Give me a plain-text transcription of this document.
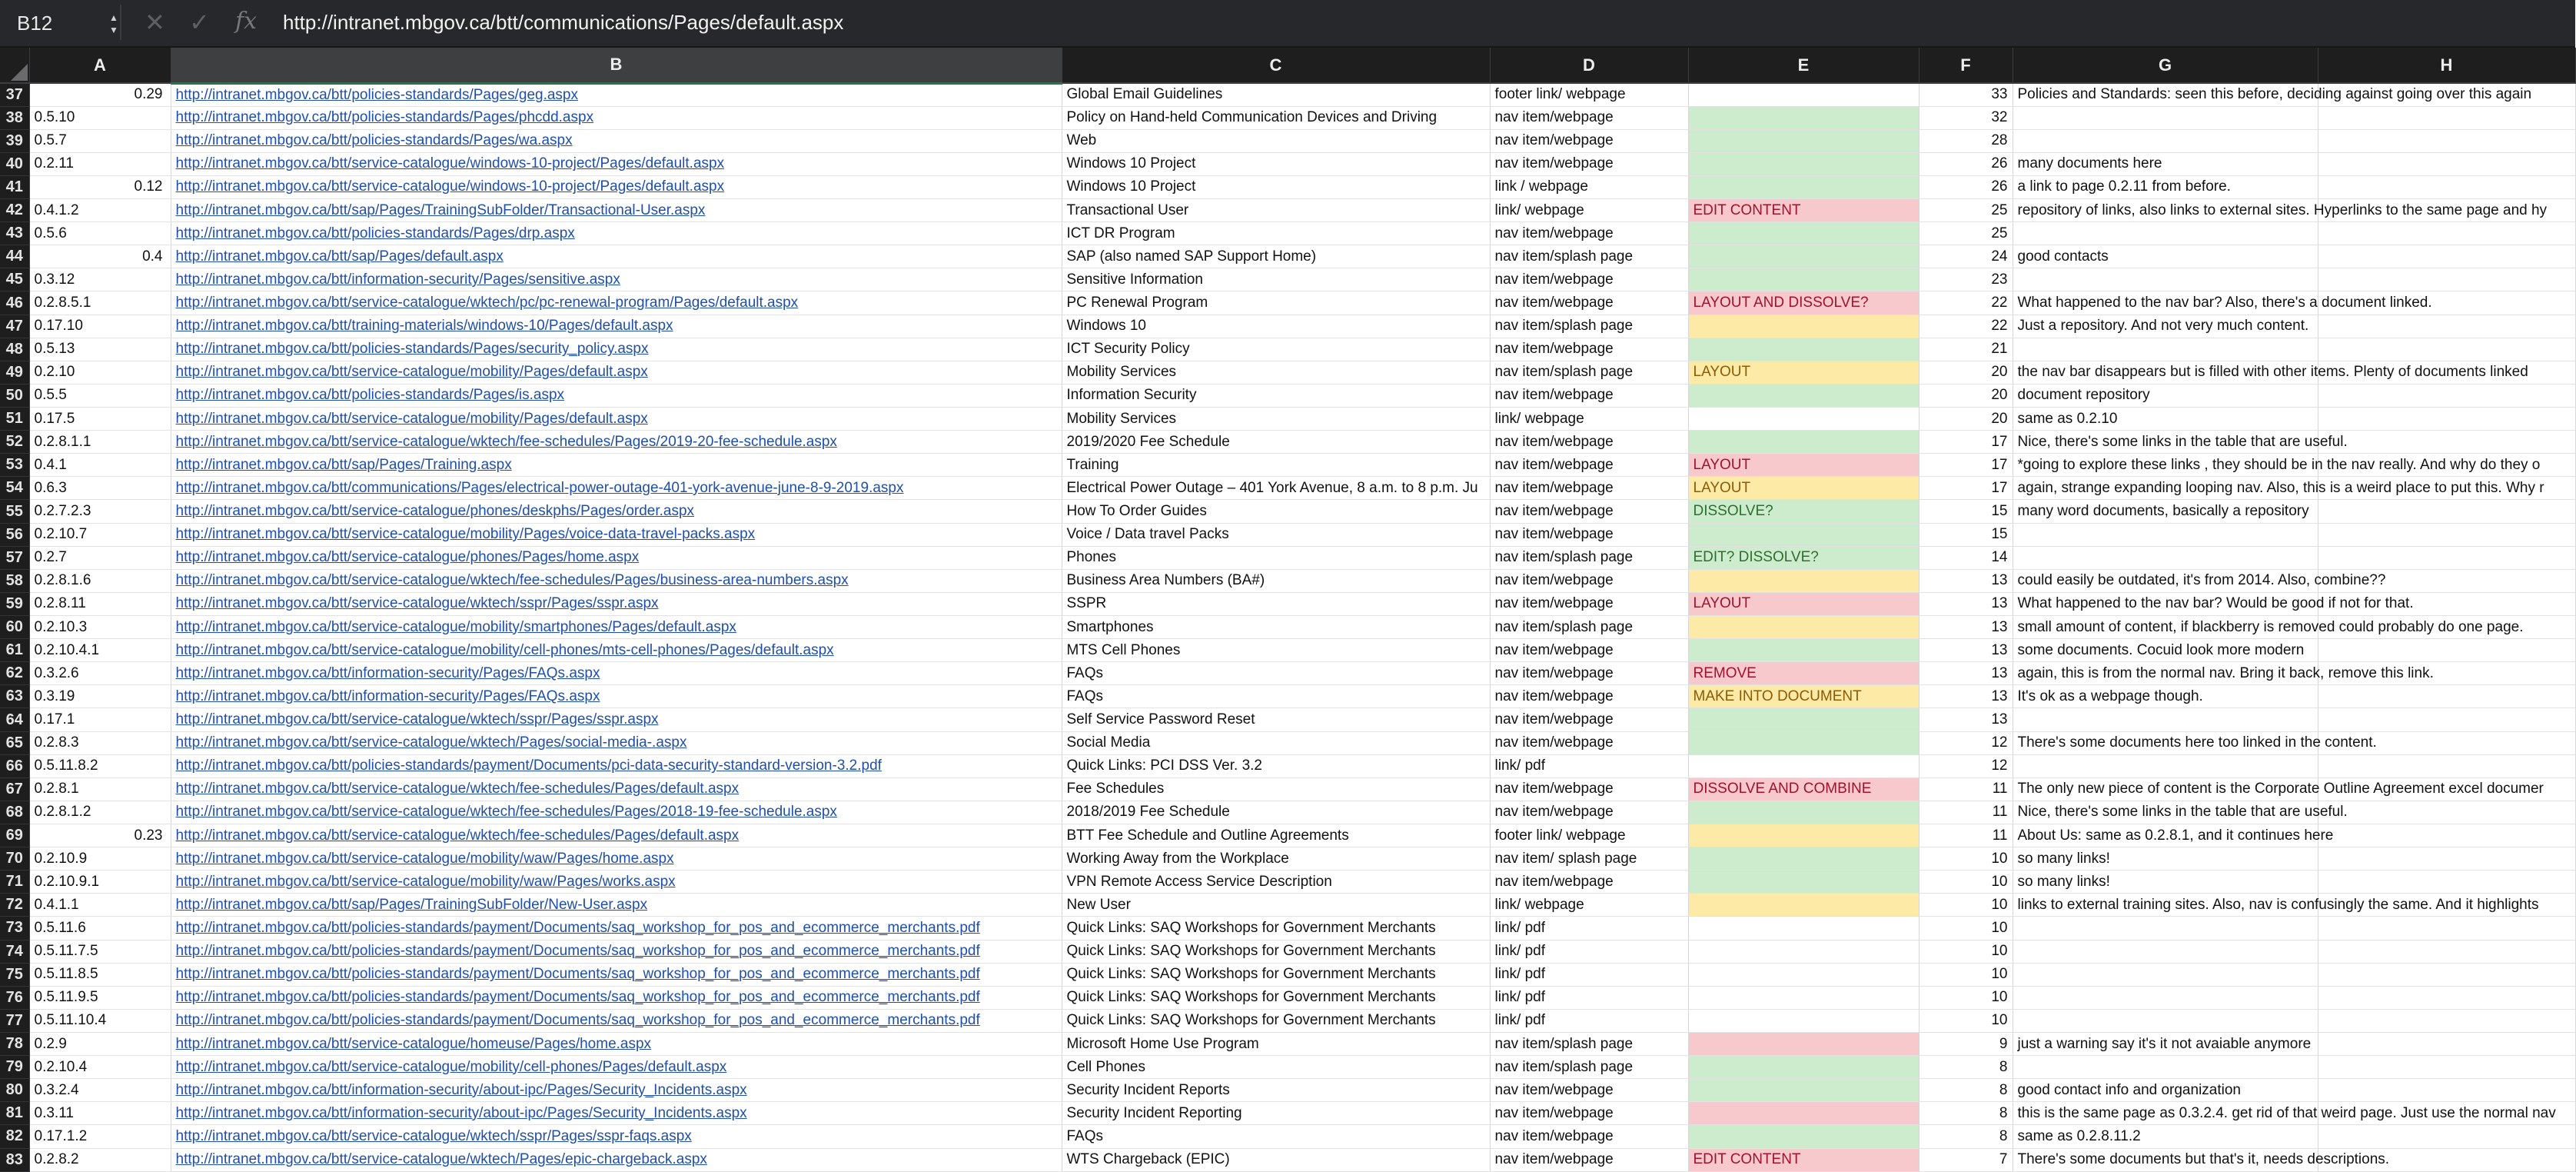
B12	▲
▼ ✕ ✓ fx http://intranet.mbgov.ca/btt/communications/Pages/default.aspx
	A	B	C	D	E	F	G	H
37	0.29	http://intranet.mbgov.ca/btt/policies-standards/Pages/geg.aspx	Global Email Guidelines	footer link/ webpage		33	Policies and Standards: seen this before, deciding against going over this again	
38	0.5.10	http://intranet.mbgov.ca/btt/policies-standards/Pages/phcdd.aspx	Policy on Hand-held Communication Devices and Driving	nav item/webpage		32		
39	0.5.7	http://intranet.mbgov.ca/btt/policies-standards/Pages/wa.aspx	Web	nav item/webpage		28		
40	0.2.11	http://intranet.mbgov.ca/btt/service-catalogue/windows-10-project/Pages/default.aspx	Windows 10 Project	nav item/webpage		26	many documents here	
41	0.12	http://intranet.mbgov.ca/btt/service-catalogue/windows-10-project/Pages/default.aspx	Windows 10 Project	link / webpage		26	a link to page 0.2.11 from before.	
42	0.4.1.2	http://intranet.mbgov.ca/btt/sap/Pages/TrainingSubFolder/Transactional-User.aspx	Transactional User	link/ webpage	EDIT CONTENT	25	repository of links, also links to external sites. Hyperlinks to the same page and hy	
43	0.5.6	http://intranet.mbgov.ca/btt/policies-standards/Pages/drp.aspx	ICT DR Program	nav item/webpage		25		
44	0.4	http://intranet.mbgov.ca/btt/sap/Pages/default.aspx	SAP (also named SAP Support Home)	nav item/splash page		24	good contacts	
45	0.3.12	http://intranet.mbgov.ca/btt/information-security/Pages/sensitive.aspx	Sensitive Information	nav item/webpage		23		
46	0.2.8.5.1	http://intranet.mbgov.ca/btt/service-catalogue/wktech/pc/pc-renewal-program/Pages/default.aspx	PC Renewal Program	nav item/webpage	LAYOUT AND DISSOLVE?	22	What happened to the nav bar? Also, there's a document linked.	
47	0.17.10	http://intranet.mbgov.ca/btt/training-materials/windows-10/Pages/default.aspx	Windows 10	nav item/splash page		22	Just a repository. And not very much content.	
48	0.5.13	http://intranet.mbgov.ca/btt/policies-standards/Pages/security_policy.aspx	ICT Security Policy	nav item/webpage		21		
49	0.2.10	http://intranet.mbgov.ca/btt/service-catalogue/mobility/Pages/default.aspx	Mobility Services	nav item/splash page	LAYOUT	20	the nav bar disappears but is filled with other items. Plenty of documents linked	
50	0.5.5	http://intranet.mbgov.ca/btt/policies-standards/Pages/is.aspx	Information Security	nav item/webpage		20	document repository	
51	0.17.5	http://intranet.mbgov.ca/btt/service-catalogue/mobility/Pages/default.aspx	Mobility Services	link/ webpage		20	same as 0.2.10	
52	0.2.8.1.1	http://intranet.mbgov.ca/btt/service-catalogue/wktech/fee-schedules/Pages/2019-20-fee-schedule.aspx	2019/2020 Fee Schedule	nav item/webpage		17	Nice, there's some links in the table that are useful.	
53	0.4.1	http://intranet.mbgov.ca/btt/sap/Pages/Training.aspx	Training	nav item/webpage	LAYOUT	17	*going to explore these links , they should be in the nav really. And why do they o	
54	0.6.3	http://intranet.mbgov.ca/btt/communications/Pages/electrical-power-outage-401-york-avenue-june-8-9-2019.aspx	Electrical Power Outage – 401 York Avenue, 8 a.m. to 8 p.m. Ju	nav item/webpage	LAYOUT	17	again, strange expanding looping nav. Also, this is a weird place to put this. Why r	
55	0.2.7.2.3	http://intranet.mbgov.ca/btt/service-catalogue/phones/deskphs/Pages/order.aspx	How To Order Guides	nav item/webpage	DISSOLVE?	15	many word documents, basically a repository	
56	0.2.10.7	http://intranet.mbgov.ca/btt/service-catalogue/mobility/Pages/voice-data-travel-packs.aspx	Voice / Data travel Packs	nav item/webpage		15		
57	0.2.7	http://intranet.mbgov.ca/btt/service-catalogue/phones/Pages/home.aspx	Phones	nav item/splash page	EDIT? DISSOLVE?	14		
58	0.2.8.1.6	http://intranet.mbgov.ca/btt/service-catalogue/wktech/fee-schedules/Pages/business-area-numbers.aspx	Business Area Numbers (BA#)	nav item/webpage		13	could easily be outdated, it's from 2014. Also, combine??	
59	0.2.8.11	http://intranet.mbgov.ca/btt/service-catalogue/wktech/sspr/Pages/sspr.aspx	SSPR	nav item/webpage	LAYOUT	13	What happened to the nav bar? Would be good if not for that.	
60	0.2.10.3	http://intranet.mbgov.ca/btt/service-catalogue/mobility/smartphones/Pages/default.aspx	Smartphones	nav item/splash page		13	small amount of content, if blackberry is removed could probably do one page.	
61	0.2.10.4.1	http://intranet.mbgov.ca/btt/service-catalogue/mobility/cell-phones/mts-cell-phones/Pages/default.aspx	MTS Cell Phones	nav item/webpage		13	some documents. Cocuid look more modern	
62	0.3.2.6	http://intranet.mbgov.ca/btt/information-security/Pages/FAQs.aspx	FAQs	nav item/webpage	REMOVE	13	again, this is from the normal nav. Bring it back, remove this link.	
63	0.3.19	http://intranet.mbgov.ca/btt/information-security/Pages/FAQs.aspx	FAQs	nav item/webpage	MAKE INTO DOCUMENT	13	It's ok as a webpage though.	
64	0.17.1	http://intranet.mbgov.ca/btt/service-catalogue/wktech/sspr/Pages/sspr.aspx	Self Service Password Reset	nav item/webpage		13		
65	0.2.8.3	http://intranet.mbgov.ca/btt/service-catalogue/wktech/Pages/social-media-.aspx	Social Media	nav item/webpage		12	There's some documents here too linked in the content.	
66	0.5.11.8.2	http://intranet.mbgov.ca/btt/policies-standards/payment/Documents/pci-data-security-standard-version-3.2.pdf	Quick Links: PCI DSS Ver. 3.2	link/ pdf		12		
67	0.2.8.1	http://intranet.mbgov.ca/btt/service-catalogue/wktech/fee-schedules/Pages/default.aspx	Fee Schedules	nav item/webpage	DISSOLVE AND COMBINE	11	The only new piece of content is the Corporate Outline Agreement excel documer	
68	0.2.8.1.2	http://intranet.mbgov.ca/btt/service-catalogue/wktech/fee-schedules/Pages/2018-19-fee-schedule.aspx	2018/2019 Fee Schedule	nav item/webpage		11	Nice, there's some links in the table that are useful.	
69	0.23	http://intranet.mbgov.ca/btt/service-catalogue/wktech/fee-schedules/Pages/default.aspx	BTT Fee Schedule and Outline Agreements	footer link/ webpage		11	About Us: same as 0.2.8.1, and it continues here	
70	0.2.10.9	http://intranet.mbgov.ca/btt/service-catalogue/mobility/waw/Pages/home.aspx	Working Away from the Workplace	nav item/ splash page		10	so many links!	
71	0.2.10.9.1	http://intranet.mbgov.ca/btt/service-catalogue/mobility/waw/Pages/works.aspx	VPN Remote Access Service Description	nav item/webpage		10	so many links!	
72	0.4.1.1	http://intranet.mbgov.ca/btt/sap/Pages/TrainingSubFolder/New-User.aspx	New User	link/ webpage		10	links to external training sites. Also, nav is confusingly the same. And it highlights	
73	0.5.11.6	http://intranet.mbgov.ca/btt/policies-standards/payment/Documents/saq_workshop_for_pos_and_ecommerce_merchants.pdf	Quick Links: SAQ Workshops for Government Merchants	link/ pdf		10		
74	0.5.11.7.5	http://intranet.mbgov.ca/btt/policies-standards/payment/Documents/saq_workshop_for_pos_and_ecommerce_merchants.pdf	Quick Links: SAQ Workshops for Government Merchants	link/ pdf		10		
75	0.5.11.8.5	http://intranet.mbgov.ca/btt/policies-standards/payment/Documents/saq_workshop_for_pos_and_ecommerce_merchants.pdf	Quick Links: SAQ Workshops for Government Merchants	link/ pdf		10		
76	0.5.11.9.5	http://intranet.mbgov.ca/btt/policies-standards/payment/Documents/saq_workshop_for_pos_and_ecommerce_merchants.pdf	Quick Links: SAQ Workshops for Government Merchants	link/ pdf		10		
77	0.5.11.10.4	http://intranet.mbgov.ca/btt/policies-standards/payment/Documents/saq_workshop_for_pos_and_ecommerce_merchants.pdf	Quick Links: SAQ Workshops for Government Merchants	link/ pdf		10		
78	0.2.9	http://intranet.mbgov.ca/btt/service-catalogue/homeuse/Pages/home.aspx	Microsoft Home Use Program	nav item/splash page		9	just a warning say it's it not avaiable anymore	
79	0.2.10.4	http://intranet.mbgov.ca/btt/service-catalogue/mobility/cell-phones/Pages/default.aspx	Cell Phones	nav item/splash page		8		
80	0.3.2.4	http://intranet.mbgov.ca/btt/information-security/about-ipc/Pages/Security_Incidents.aspx	Security Incident Reports	nav item/webpage		8	good contact info and organization	
81	0.3.11	http://intranet.mbgov.ca/btt/information-security/about-ipc/Pages/Security_Incidents.aspx	Security Incident Reporting	nav item/webpage		8	this is the same page as 0.3.2.4. get rid of that weird page. Just use the normal nav	
82	0.17.1.2	http://intranet.mbgov.ca/btt/service-catalogue/wktech/sspr/Pages/sspr-faqs.aspx	FAQs	nav item/webpage		8	same as 0.2.8.11.2	
83	0.2.8.2	http://intranet.mbgov.ca/btt/service-catalogue/wktech/Pages/epic-chargeback.aspx	WTS Chargeback (EPIC)	nav item/webpage	EDIT CONTENT	7	There's some documents but that's it, needs descriptions.	
